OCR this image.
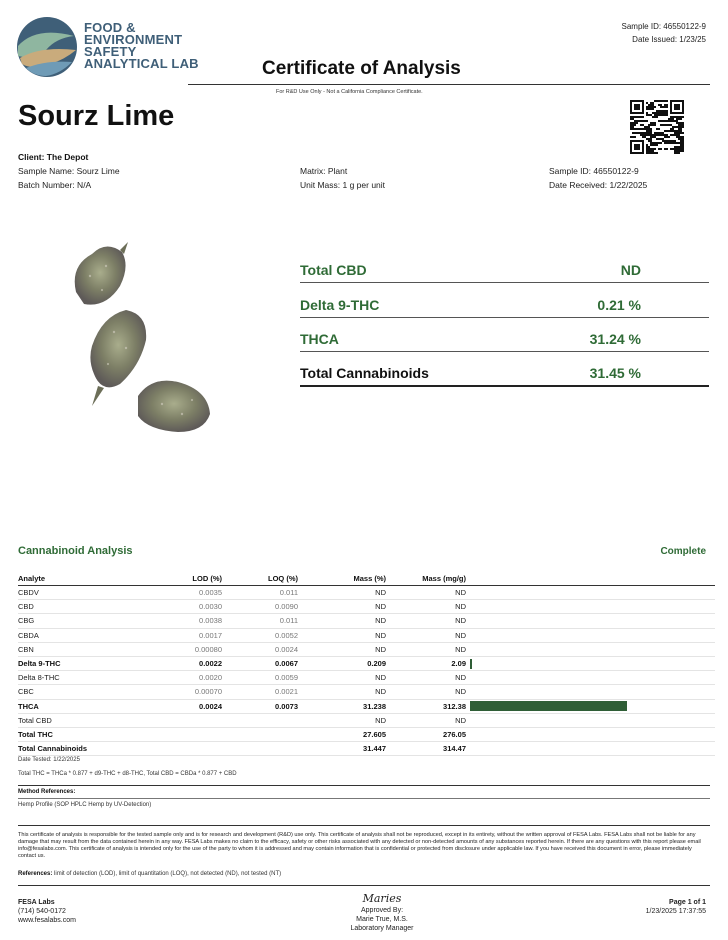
FOOD &
ENVIRONMENT
SAFETY
ANALYTICAL LAB	Certificate of Analysis
For R&D Use Only - Not a California Compliance Certificate.
Sample ID: 46550122-9
Date Issued: 1/23/25
Sourz Lime
Client: The Depot
Sample Name: Sourz Lime
Batch Number: N/A
Matrix: Plant
Unit Mass: 1 g per unit
Sample ID: 46550122-9
Date Received: 1/22/2025
Total CBD	ND
Delta 9-THC	0.21 %
THCA	31.24 %
Total Cannabinoids	31.45 %
Cannabinoid Analysis	Complete
Analyte	LOD (%)	LOQ (%)	Mass (%)	Mass (mg/g)	
CBDV	0.0035	0.011	ND	ND	
CBD	0.0030	0.0090	ND	ND	
CBG	0.0038	0.011	ND	ND	
CBDA	0.0017	0.0052	ND	ND	
CBN	0.00080	0.0024	ND	ND	
Delta 9-THC	0.0022	0.0067	0.209	2.09	

Delta 8-THC	0.0020	0.0059	ND	ND	
CBC	0.00070	0.0021	ND	ND	
THCA	0.0024	0.0073	31.238	312.38	

Total CBD			ND	ND	
Total THC			27.605	276.05	
Total Cannabinoids			31.447	314.47	
Date Tested: 1/22/2025
Total THC = THCa * 0.877 + d9-THC + d8-THC, Total CBD = CBDa * 0.877 + CBD
Method References:
Hemp Profile (SOP HPLC Hemp by UV-Detection)
This certificate of analysis is responsible for the tested sample only and is for research and development (R&D) use only. This certificate of analysis shall not be reproduced, except in its entirety, without the written approval of FESA Labs. FESA Labs shall not be liable for any damage that may result from the data contained herein in any way. FESA Labs makes no claim to the efficacy, safety or other risks associated with any detected or non-detected amounts of any substances reported herein. If there are any questions with this report please email info@fesalabs.com. This certificate of analysis is intended only for the use of the party to whom it is addressed and may contain information that is confidential or protected from disclosure under applicable law. If you have received this document in error, please immediately contact us.
References: limit of detection (LOD), limit of quantitation (LOQ), not detected (ND), not tested (NT)
FESA Labs
(714) 540-0172
www.fesalabs.com
Maries
Approved By:
Marie True, M.S.
Laboratory Manager
Page 1 of 1
1/23/2025 17:37:55
